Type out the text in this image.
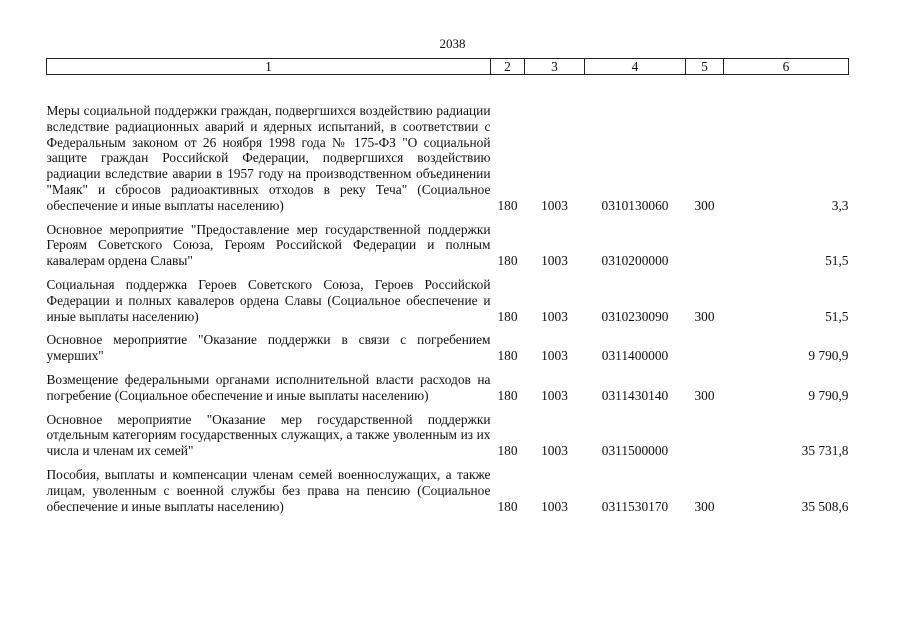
2038
1	2	3	4	5	6
Меры социальной поддержки граждан, подвергшихся воздействию радиации вследствие радиационных аварий и ядерных испытаний, в соответствии с Федеральным законом от 26 ноября 1998 года № 175-ФЗ "О социальной защите граждан Российской Федерации, подвергшихся воздействию радиации вследствие аварии в 1957 году на производственном объединении "Маяк" и сбросов радиоактивных отходов в реку Теча" (Социальное обеспечение и иные выплаты населению)	180	1003	0310130060	300	3,3
Основное мероприятие "Предоставление мер государственной поддержки Героям Советского Союза, Героям Российской Федерации и полным кавалерам ордена Славы"	180	1003	0310200000		51,5
Социальная поддержка Героев Советского Союза, Героев Российской Федерации и полных кавалеров ордена Славы (Социальное обеспечение и иные выплаты населению)	180	1003	0310230090	300	51,5
Основное мероприятие "Оказание поддержки в связи с погребением умерших"	180	1003	0311400000		9 790,9
Возмещение федеральными органами исполнительной власти расходов на погребение (Социальное обеспечение и иные выплаты населению)	180	1003	0311430140	300	9 790,9
Основное мероприятие "Оказание мер государственной поддержки отдельным категориям государственных служащих, а также уволенным из их числа и членам их семей"	180	1003	0311500000		35 731,8
Пособия, выплаты и компенсации членам семей военнослужащих, а также лицам, уволенным с военной службы без права на пенсию (Социальное обеспечение и иные выплаты населению)	180	1003	0311530170	300	35 508,6
